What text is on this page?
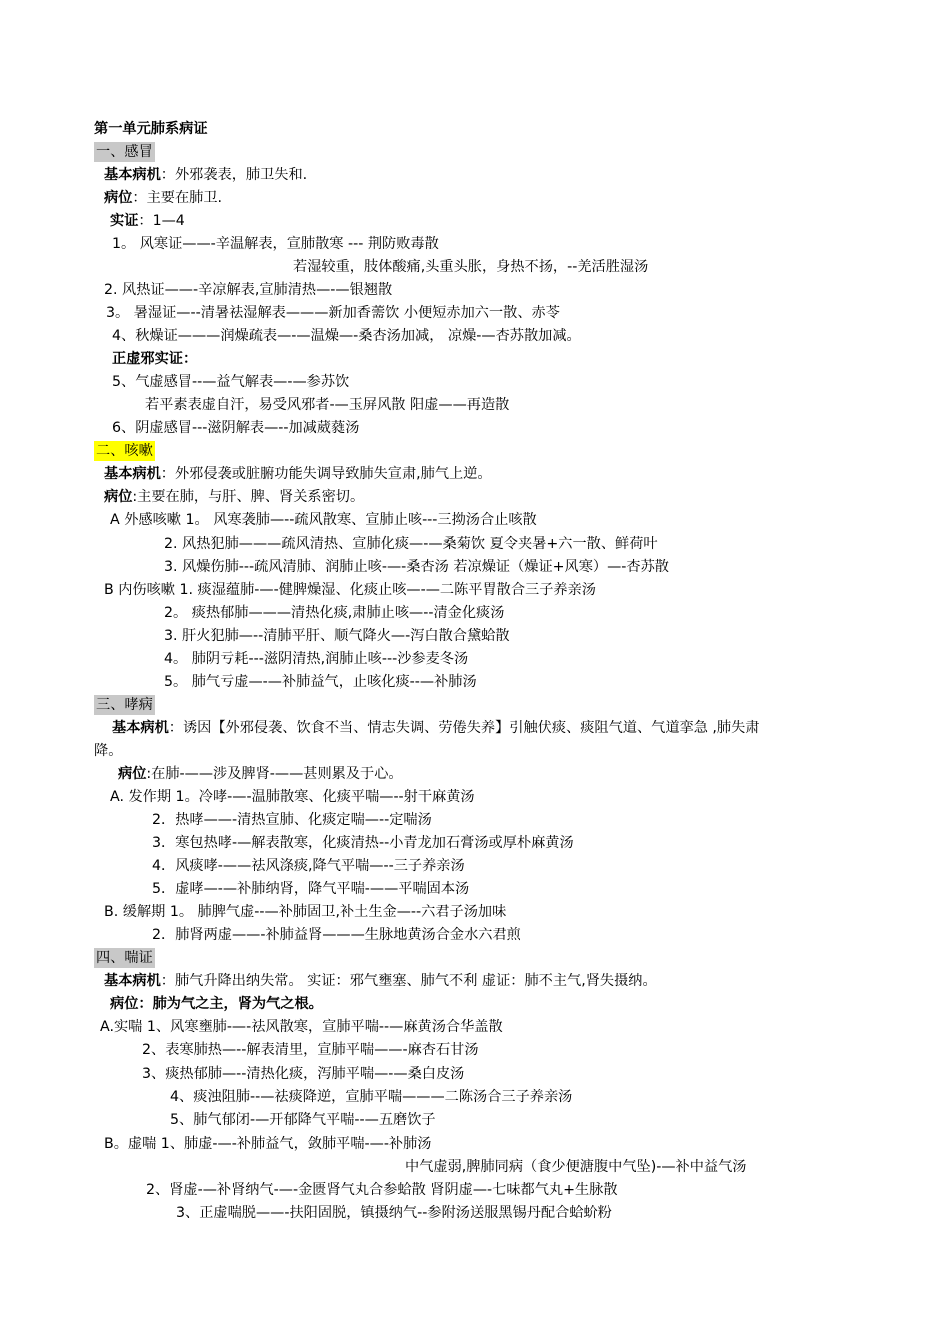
第一单元肺系病证
一、感冒
基本病机：外邪袭表，肺卫失和.
病位：主要在肺卫.
实证：1—4
1。 风寒证——-辛温解表，宣肺散寒 --- 荆防败毒散
若湿较重，肢体酸痛,头重头胀，身热不扬，--羌活胜湿汤
2. 风热证——-辛凉解表,宣肺清热—-—银翘散
3。 暑湿证—--清暑祛湿解表———新加香薷饮 小便短赤加六一散、赤苓
4、秋燥证———润燥疏表—-—温燥—-桑杏汤加减， 凉燥-—杏苏散加减。
正虚邪实证：
5、气虚感冒--—益气解表—-—参苏饮
若平素表虚自汗，易受风邪者-—玉屏风散 阳虚——再造散
6、阴虚感冒---滋阴解表—--加减葳蕤汤
二、咳嗽
基本病机：外邪侵袭或脏腑功能失调导致肺失宣肃,肺气上逆。
病位:主要在肺，与肝、脾、肾关系密切。
A 外感咳嗽 1。 风寒袭肺—--疏风散寒、宣肺止咳---三拗汤合止咳散
2. 风热犯肺———疏风清热、宣肺化痰—-—桑菊饮 夏令夹暑+六一散、鲜荷叶
3. 风燥伤肺---疏风清肺、润肺止咳-—-桑杏汤 若凉燥证（燥证+风寒）—-杏苏散
B 内伤咳嗽 1. 痰湿蕴肺-—-健脾燥湿、化痰止咳—-—二陈平胃散合三子养亲汤
2。 痰热郁肺———清热化痰,肃肺止咳—--清金化痰汤
3. 肝火犯肺—--清肺平肝、顺气降火—-泻白散合黛蛤散
4。 肺阴亏耗---滋阴清热,润肺止咳---沙参麦冬汤
5。 肺气亏虚—-—补肺益气，止咳化痰--—补肺汤
三、哮病
基本病机：诱因【外邪侵袭、饮食不当、情志失调、劳倦失养】引触伏痰、痰阻气道、气道挛急 ,肺失肃
降。
病位:在肺-——涉及脾肾-——甚则累及于心。
A. 发作期 1。冷哮-—-温肺散寒、化痰平喘—--射干麻黄汤
2．热哮——-清热宣肺、化痰定喘—--定喘汤
3．寒包热哮-—解表散寒，化痰清热--小青龙加石膏汤或厚朴麻黄汤
4．风痰哮-——祛风涤痰,降气平喘—--三子养亲汤
5．虚哮—-—补肺纳肾，降气平喘-——平喘固本汤
B. 缓解期 1。 肺脾气虚--—补肺固卫,补土生金—--六君子汤加味
2．肺肾两虚——-补肺益肾———生脉地黄汤合金水六君煎
四、喘证
基本病机：肺气升降出纳失常。 实证：邪气壅塞、肺气不利 虚证：肺不主气,肾失摄纳。
病位：肺为气之主，肾为气之根。
A.实喘 1、风寒壅肺-—-祛风散寒，宣肺平喘--—麻黄汤合华盖散
2、表寒肺热—--解表清里，宣肺平喘——-麻杏石甘汤
3、痰热郁肺—--清热化痰，泻肺平喘—-—桑白皮汤
4、痰浊阻肺--—祛痰降逆，宣肺平喘———二陈汤合三子养亲汤
5、肺气郁闭-—开郁降气平喘--—五磨饮子
B。虚喘 1、肺虚-—-补肺益气，敛肺平喘-—-补肺汤
中气虚弱,脾肺同病（食少便溏腹中气坠)-—补中益气汤
2、肾虚-—补肾纳气-—-金匮肾气丸合参蛤散 肾阴虚—-七味都气丸+生脉散
3、正虚喘脱——-扶阳固脱，镇摄纳气--参附汤送服黑锡丹配合蛤蚧粉
